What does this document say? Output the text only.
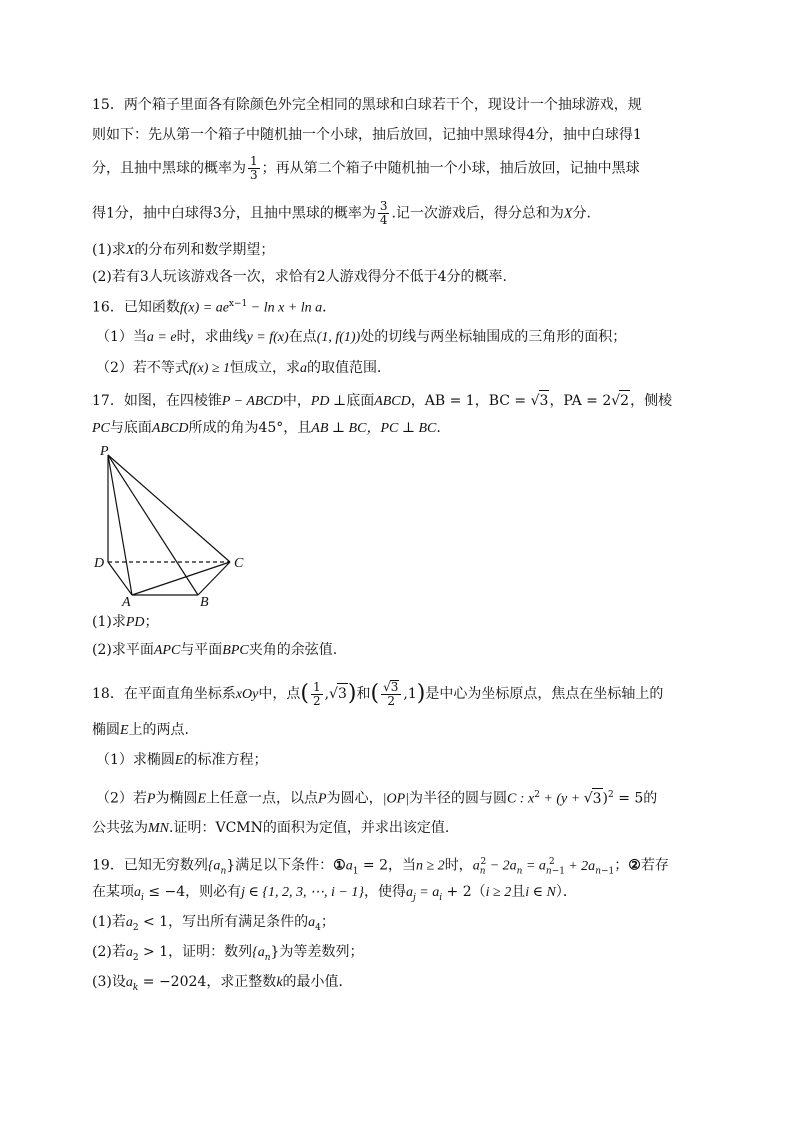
15．两个箱子里面各有除颜色外完全相同的黑球和白球若干个，现设计一个抽球游戏，规
则如下：先从第一个箱子中随机抽一个小球，抽后放回，记抽中黑球得4分，抽中白球得1
分，且抽中黑球的概率为 $\frac{1}{3}$ ；再从第二个箱子中随机抽一个小球，抽后放回，记抽中黑球
得1分，抽中白球得3分，且抽中黑球的概率为 $\frac{3}{4}$ .记一次游戏后，得分总和为X分.
(1)求X的分布列和数学期望；
(2)若有3人玩该游戏各一次，求恰有2人游戏得分不低于4分的概率.
16．已知函数$f(x) = ae^{x-1} - \ln x + \ln a$．
（1）当a = e时，求曲线y = f(x)在点(1, f(1))处的切线与两坐标轴围成的三角形的面积；
（2）若不等式f(x) ≥ 1恒成立，求a的取值范围．
17．如图，在四棱锥P − ABCD中，PD ⊥底面ABCD，AB = 1，BC = √3，PA = 2√2，侧棱
PC与底面ABCD所成的角为45°，且AB ⊥ BC，PC ⊥ BC.
P
D
A	B
C
(1)求PD；
(2)求平面APC与平面BPC夹角的余弦值.
18．在平面直角坐标系xOy中，点( $\frac{1}{2} ,√3$)和( $\frac{√3}{2} ,1$)是中心为坐标原点，焦点在坐标轴上的
椭圆E上的两点.
（1）求椭圆E的标准方程；
（2）若P为椭圆E上任意一点，以点P为圆心，|OP|为半径的圆与圆C : $x^2 + (y + √3)^2 = 5$的
公共弦为MN.证明：VCMN的面积为定值，并求出该定值.
19．已知无穷数列$\{a_n\}$满足以下条件：$①a_1 = 2$，当n ≥ 2时，$a_n^2 - 2a_n = a_{n-1}^2 + 2a_{n-1}$；②若存
在某项$a_i \le -4$，则必有j ∈ {1, 2, 3, ⋯, i − 1}，使得$a_j = a_i + 2(i \ge 2$且i ∈ N）．
(1)若$a_2 < 1$，写出所有满足条件的$a_4$；
(2)若$a_2 > 1$，证明：数列$\{a_n\}$为等差数列；
(3)设$a_k = -2024$，求正整数k的最小值．
